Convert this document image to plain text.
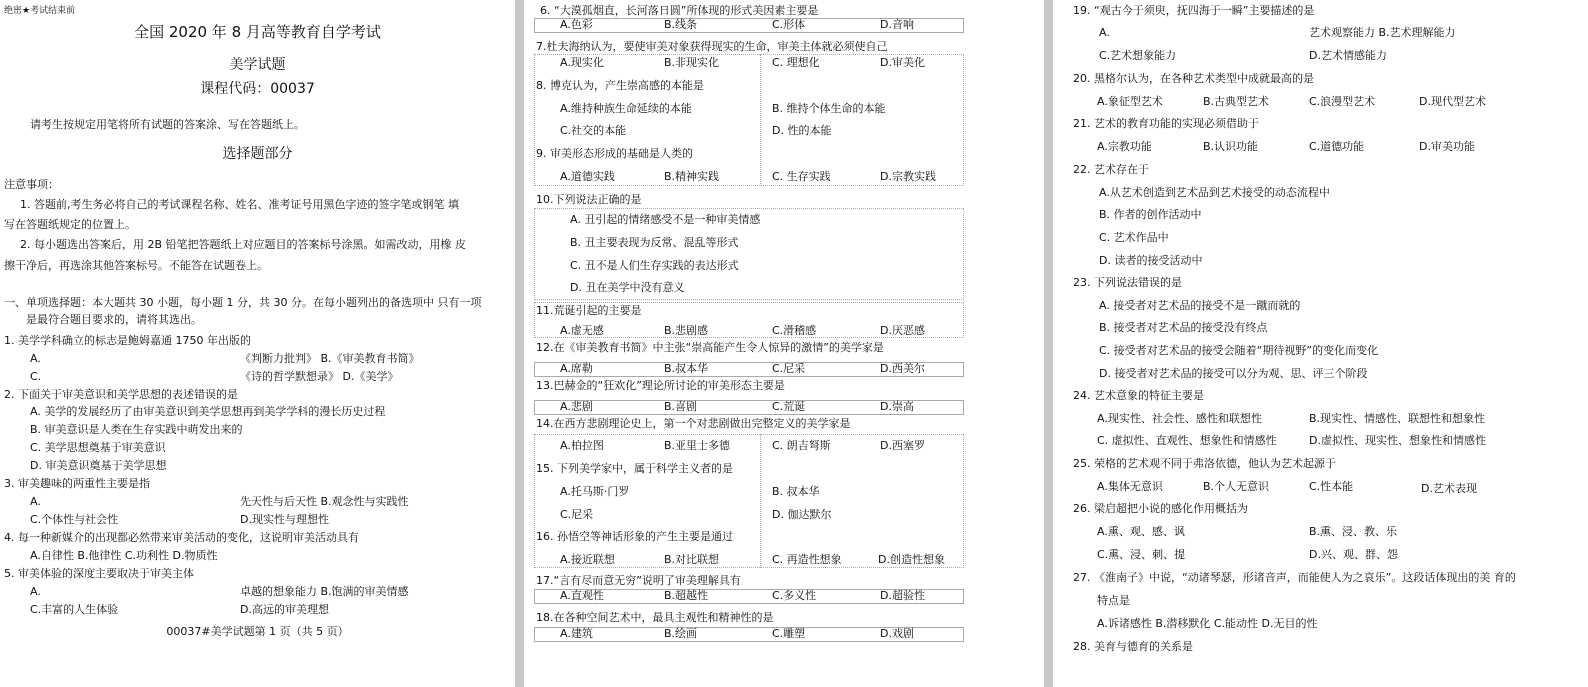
绝密★考试结束前
全国 2020 年 8 月高等教育自学考试
美学试题
课程代码：00037
请考生按规定用笔将所有试题的答案涂、写在答题纸上。
选择题部分
注意事项：
1. 答题前,考生务必将自己的考试课程名称、姓名、准考证号用黑色字迹的签字笔或钢笔 填
写在答题纸规定的位置上。
2. 每小题选出答案后，用 2B 铅笔把答题纸上对应题目的答案标号涂黑。如需改动，用橡 皮
擦干净后，再选涂其他答案标号。不能答在试题卷上。
一、单项选择题：本大题共 30 小题，每小题 1 分，共 30 分。在每小题列出的备选项中 只有一项
是最符合题目要求的，请将其选出。
1. 美学学科确立的标志是鲍姆嘉通 1750 年出版的
A.	《判断力批判》 B.《审美教育书简》
C.	《诗的哲学默想录》 D.《美学》
2. 下面关于审美意识和美学思想的表述错误的是
A. 美学的发展经历了由审美意识到美学思想再到美学学科的漫长历史过程
B. 审美意识是人类在生存实践中萌发出来的
C. 美学思想奠基于审美意识
D. 审美意识奠基于美学思想
3. 审美趣味的两重性主要是指
A.	先天性与后天性 B.观念性与实践性
C.个体性与社会性	D.现实性与理想性
4. 每一种新媒介的出现都必然带来审美活动的变化，这说明审美活动具有
A.自律性 B.他律性 C.功利性 D.物质性
5. 审美体验的深度主要取决于审美主体
A.	卓越的想象能力 B.饱满的审美情感
C.丰富的人生体验	D.高远的审美理想
00037#美学试题第 1 页（共 5 页）
6. “大漠孤烟直，长河落日圆”所体现的形式美因素主要是
A.色彩	B.线条	C.形体	D.音响
7.杜夫海纳认为，要使审美对象获得现实的生命，审美主体就必须使自己
A.现实化	B.非现实化	C. 理想化	D.审美化
8. 博克认为，产生崇高感的本能是
A.维持种族生命延续的本能	B. 维持个体生命的本能
C.社交的本能	D. 性的本能
9. 审美形态形成的基础是人类的
A.道德实践	B.精神实践	C. 生存实践	D.宗教实践
10.下列说法正确的是
A. 丑引起的情绪感受不是一种审美情感
B. 丑主要表现为反常、混乱等形式
C. 丑不是人们生存实践的表达形式
D. 丑在美学中没有意义
11.荒诞引起的主要是
A.虚无感	B.悲剧感	C.滑稽感	D.厌恶感
12.在《审美教育书简》中主张“崇高能产生令人惊异的激情”的美学家是
A.席勒	B.叔本华	C.尼采	D.西美尔
13.巴赫金的“狂欢化”理论所讨论的审美形态主要是
A.悲剧	B.喜剧	C.荒诞	D.崇高
14.在西方悲剧理论史上，第一个对悲剧做出完整定义的美学家是
A.柏拉图	B.亚里士多德	C. 朗吉弩斯	D.西塞罗
15. 下列美学家中，属于科学主义者的是
A.托马斯·门罗	B. 叔本华
C.尼采	D. 伽达默尔
16. 孙悟空等神话形象的产生主要是通过
A.接近联想	B.对比联想	C. 再造性想象	D.创造性想象
17.“言有尽而意无穷”说明了审美理解具有
A.直观性	B.超越性	C.多义性	D.超验性
18.在各种空间艺术中，最具主观性和精神性的是
A.建筑	B.绘画	C.雕塑	D.戏剧
19. “观古今于须臾，抚四海于一瞬”主要描述的是
A.	艺术观察能力 B.艺术理解能力
C.艺术想象能力	D.艺术情感能力
20. 黑格尔认为，在各种艺术类型中成就最高的是
A.象征型艺术	B.古典型艺术	C.浪漫型艺术	D.现代型艺术
21. 艺术的教育功能的实现必须借助于
A.宗教功能	B.认识功能	C.道德功能	D.审美功能
22. 艺术存在于
A.从艺术创造到艺术品到艺术接受的动态流程中
B. 作者的创作活动中
C. 艺术作品中
D. 读者的接受活动中
23. 下列说法错误的是
A. 接受者对艺术品的接受不是一蹴而就的
B. 接受者对艺术品的接受没有终点
C. 接受者对艺术品的接受会随着“期待视野”的变化而变化
D. 接受者对艺术品的接受可以分为观、思、评三个阶段
24. 艺术意象的特征主要是
A.现实性、社会性、感性和联想性	B.现实性、情感性、联想性和想象性
C. 虚拟性、直观性、想象性和情感性	D.虚拟性、现实性、想象性和情感性
25. 荣格的艺术观不同于弗洛依德，他认为艺术起源于
A.集体无意识	B.个人无意识	C.性本能	D.艺术表现
26. 梁启超把小说的感化作用概括为
A.熏、观、感、讽	B.熏、浸、教、乐
C.熏、浸、刺、提	D.兴、观、群、怨
27. 《淮南子》中说，“动诸琴瑟，形诸音声，而能使人为之哀乐”。这段话体现出的美 育的
特点是
A.诉诸感性 B.潜移默化 C.能动性 D.无目的性
28. 美育与德育的关系是
